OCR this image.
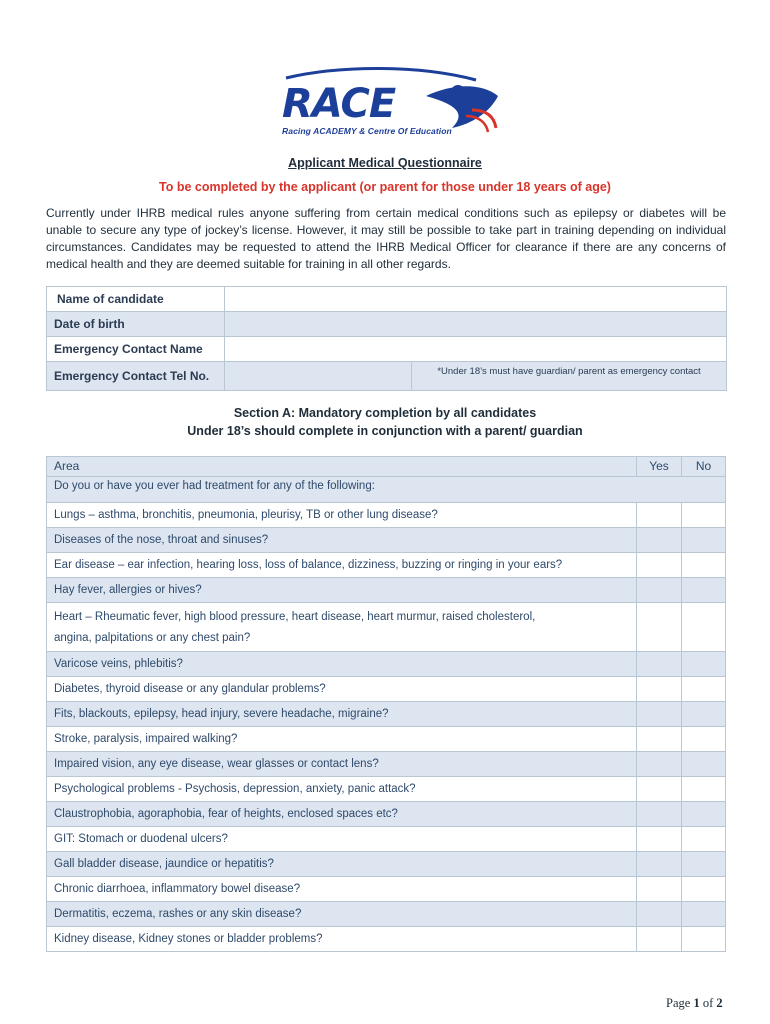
RACE
Racing ACADEMY & Centre Of Education
Applicant Medical Questionnaire
To be completed by the applicant (or parent for those under 18 years of age)
Currently under IHRB medical rules anyone suffering from certain medical conditions such as epilepsy or diabetes will be unable to secure any type of jockey’s license. However, it may still be possible to take part in training depending on individual circumstances. Candidates may be requested to attend the IHRB Medical Officer for clearance if there are any concerns of medical health and they are deemed suitable for training in all other regards.
Name of candidate		
Date of birth		
Emergency Contact Name		
Emergency Contact Tel No.		*Under 18’s must have guardian/ parent as emergency contact
Section A: Mandatory completion by all candidates
Under 18’s should complete in conjunction with a parent/ guardian
Area	Yes	No
Do you or have you ever had treatment for any of the following:		
Lungs – asthma, bronchitis, pneumonia, pleurisy, TB or other lung disease?		
Diseases of the nose, throat and sinuses?		
Ear disease – ear infection, hearing loss, loss of balance, dizziness, buzzing or ringing in your ears?		
Hay fever, allergies or hives?		
Heart – Rheumatic fever, high blood pressure, heart disease, heart murmur, raised cholesterol,
angina, palpitations or any chest pain?		

Varicose veins, phlebitis?		
Diabetes, thyroid disease or any glandular problems?		
Fits, blackouts, epilepsy, head injury, severe headache, migraine?		
Stroke, paralysis, impaired walking?		
Impaired vision, any eye disease, wear glasses or contact lens?		
Psychological problems - Psychosis, depression, anxiety, panic attack?		
Claustrophobia, agoraphobia, fear of heights, enclosed spaces etc?		
GIT: Stomach or duodenal ulcers?		
Gall bladder disease, jaundice or hepatitis?		
Chronic diarrhoea, inflammatory bowel disease?		
Dermatitis, eczema, rashes or any skin disease?		
Kidney disease, Kidney stones or bladder problems?		
Page 1 of 2
